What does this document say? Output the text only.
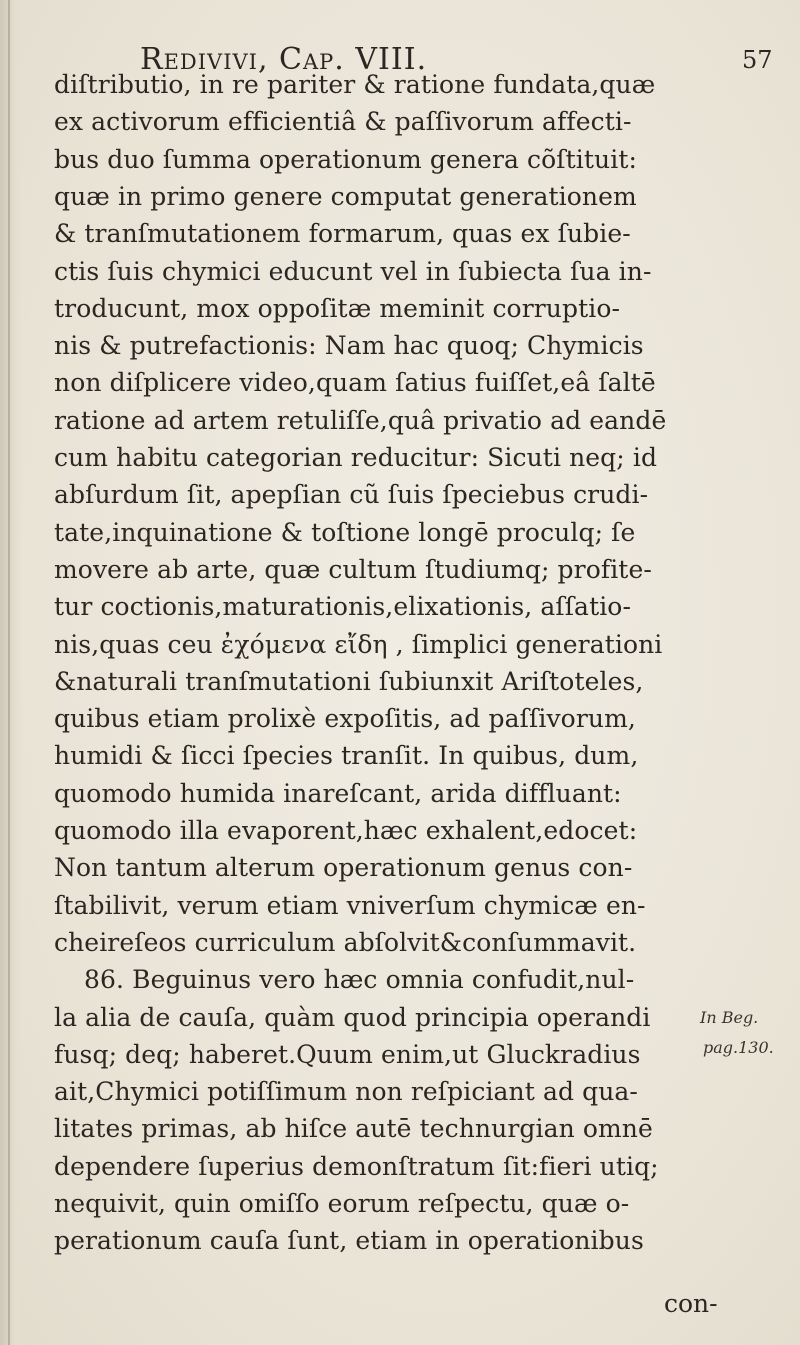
Redivivi, Cap. VIII.	57
diſtributio, in re pariter & ratione fundata,quæ
ex activorum efficientiâ & paſſivorum affecti-
bus duo ſumma operationum genera cõſtituit:
quæ in primo genere computat generationem
& tranſmutationem formarum, quas ex ſubie-
ctis ſuis chymici educunt vel in ſubiecta ſua in-
troducunt, mox oppoſitæ meminit corruptio-
nis & putrefactionis: Nam hac quoq; Chymicis
non diſplicere video,quam ſatius fuiſſet,eâ ſaltē
ratione ad artem retuliſſe,quâ privatio ad eandē
cum habitu categorian reducitur: Sicuti neq; id
abſurdum ſit, apepſian cũ ſuis ſpeciebus crudi-
tate,inquinatione & toſtione longē proculq; ſe
movere ab arte, quæ cultum ſtudiumq; profite-
tur coctionis,maturationis,elixationis, aſſatio-
nis,quas ceu ἐχόμενα εἴδη , ſimplici generationi
&naturali tranſmutationi ſubiunxit Ariſtoteles,
quibus etiam prolixè expoſitis, ad paſſivorum,
humidi & ſicci ſpecies tranſit. In quibus, dum,
quomodo humida inareſcant, arida diffluant:
quomodo illa evaporent,hæc exhalent,edocet:
Non tantum alterum operationum genus con-
ſtabilivit, verum etiam vniverſum chymicæ en-
cheireſeos curriculum abſolvit&conſummavit.
86. Beguinus vero hæc omnia confudit,nul-
la alia de cauſa, quàm quod principia operandi
fusq; deq; haberet.Quum enim,ut Gluckradius
ait,Chymici potiſſimum non reſpiciant ad qua-
litates primas, ab hiſce autē technurgian omnē
dependere ſuperius demonſtratum ſit:fieri utiq;
nequivit, quin omiſſo eorum reſpectu, quæ o-
perationum cauſa ſunt, etiam in operationibus
In Beg.
pag.130.
con-
